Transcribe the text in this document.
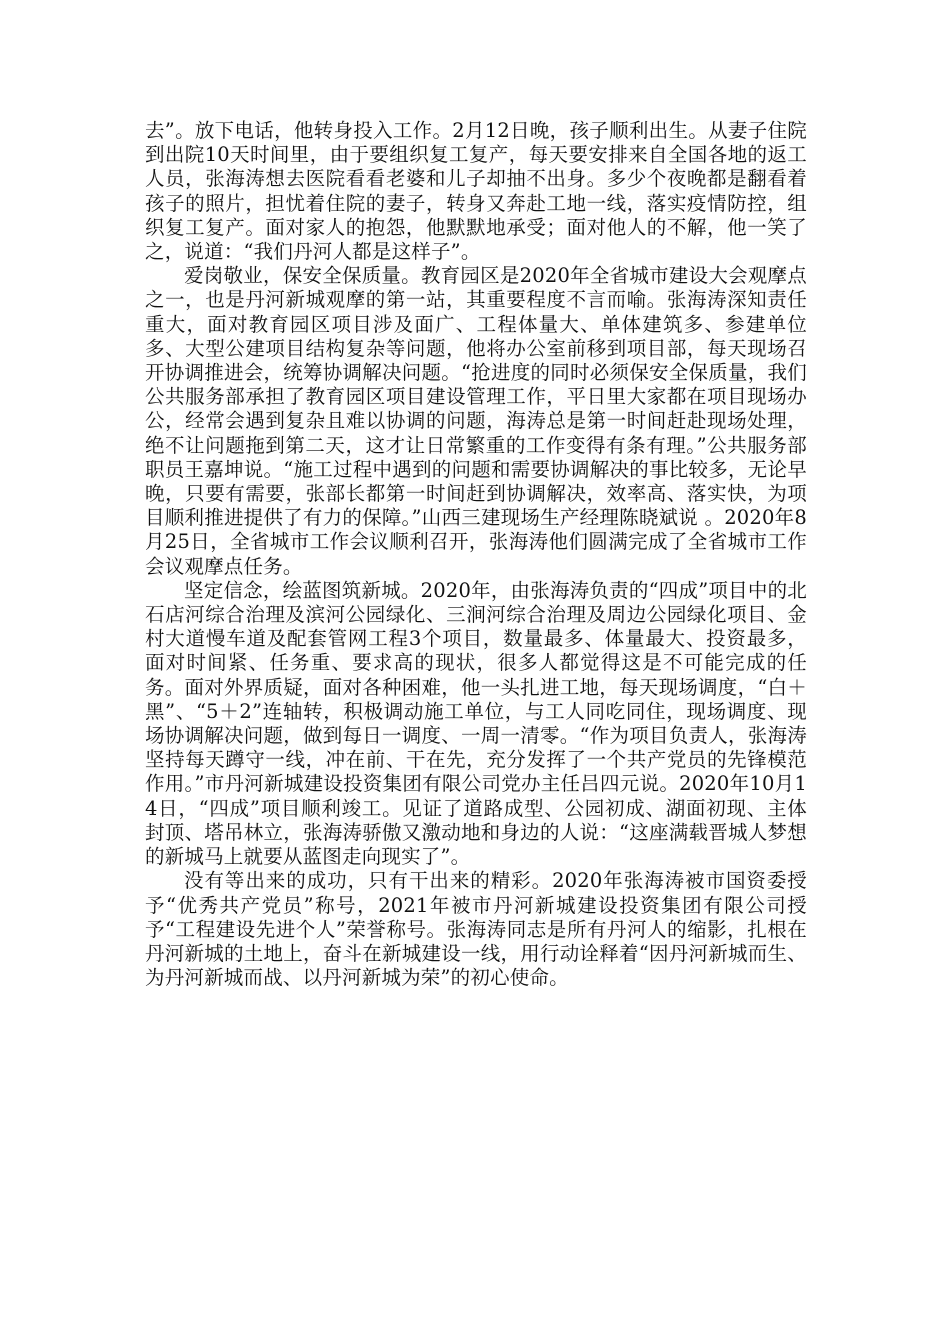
去”。放下电话，他转身投入工作。2月12日晚，孩子顺利出生。从妻子住院到出院10天时间里，由于要组织复工复产，每天要安排来自全国各地的返工人员，张海涛想去医院看看老婆和儿子却抽不出身。多少个夜晚都是翻看着孩子的照片，担忧着住院的妻子，转身又奔赴工地一线，落实疫情防控，组织复工复产。面对家人的抱怨，他默默地承受；面对他人的不解，他一笑了之，说道：“我们丹河人都是这样子”。

爱岗敬业，保安全保质量。教育园区是2020年全省城市建设大会观摩点之一，也是丹河新城观摩的第一站，其重要程度不言而喻。张海涛深知责任重大，面对教育园区项目涉及面广、工程体量大、单体建筑多、参建单位多、大型公建项目结构复杂等问题，他将办公室前移到项目部，每天现场召开协调推进会，统筹协调解决问题。“抢进度的同时必须保安全保质量，我们公共服务部承担了教育园区项目建设管理工作，平日里大家都在项目现场办公，经常会遇到复杂且难以协调的问题，海涛总是第一时间赶赴现场处理，绝不让问题拖到第二天，这才让日常繁重的工作变得有条有理。”公共服务部职员王嘉坤说。“施工过程中遇到的问题和需要协调解决的事比较多，无论早晚，只要有需要，张部长都第一时间赶到协调解决，效率高、落实快，为项目顺利推进提供了有力的保障。”山西三建现场生产经理陈晓斌说 。2020年8月25日，全省城市工作会议顺利召开，张海涛他们圆满完成了全省城市工作会议观摩点任务。

坚定信念，绘蓝图筑新城。2020年，由张海涛负责的“四成”项目中的北石店河综合治理及滨河公园绿化、三涧河综合治理及周边公园绿化项目、金村大道慢车道及配套管网工程3个项目，数量最多、体量最大、投资最多，面对时间紧、任务重、要求高的现状，很多人都觉得这是不可能完成的任务。面对外界质疑，面对各种困难，他一头扎进工地，每天现场调度，“白＋黑”、“5＋2”连轴转，积极调动施工单位，与工人同吃同住，现场调度、现场协调解决问题，做到每日一调度、一周一清零。“作为项目负责人，张海涛坚持每天蹲守一线，冲在前、干在先，充分发挥了一个共产党员的先锋模范作用。”市丹河新城建设投资集团有限公司党办主任吕四元说。2020年10月14日，“四成”项目顺利竣工。见证了道路成型、公园初成、湖面初现、主体封顶、塔吊林立，张海涛骄傲又激动地和身边的人说：“这座满载晋城人梦想的新城马上就要从蓝图走向现实了”。

没有等出来的成功，只有干出来的精彩。2020年张海涛被市国资委授予“优秀共产党员”称号，2021年被市丹河新城建设投资集团有限公司授予“工程建设先进个人”荣誉称号。张海涛同志是所有丹河人的缩影，扎根在丹河新城的土地上，奋斗在新城建设一线，用行动诠释着“因丹河新城而生、为丹河新城而战、以丹河新城为荣”的初心使命。
